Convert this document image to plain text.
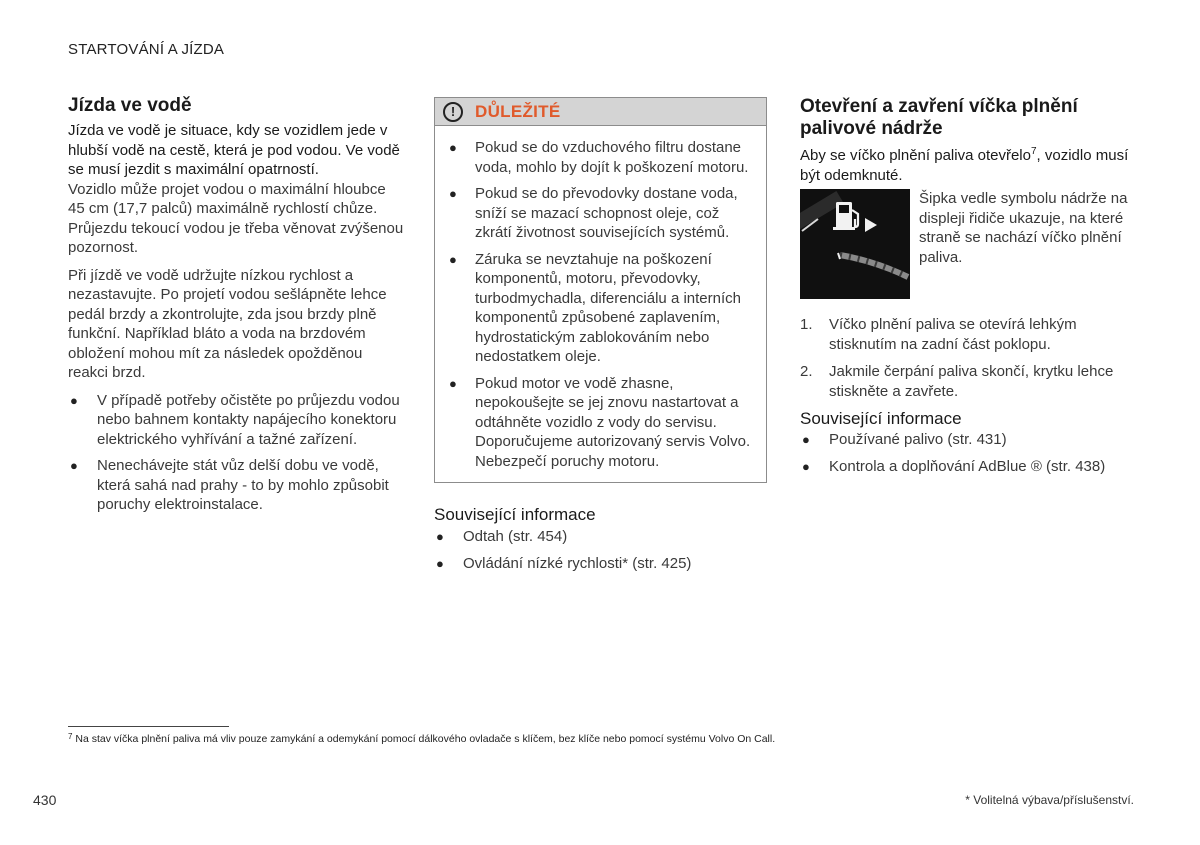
STARTOVÁNÍ A JÍZDA
Jízda ve vodě

Jízda ve vodě je situace, kdy se vozidlem jede v hlubší vodě na cestě, která je pod vodou. Ve vodě se musí jezdit s maximální opatrností.

Vozidlo může projet vodou o maximální hloubce 45 cm (17,7 palců) maximálně rychlostí chůze. Průjezdu tekoucí vodou je třeba věnovat zvýšenou pozornost.

Při jízdě ve vodě udržujte nízkou rychlost a nezastavujte. Po projetí vodou sešlápněte lehce pedál brzdy a zkontrolujte, zda jsou brzdy plně funkční. Například bláto a voda na brzdovém obložení mohou mít za následek opožděnou reakci brzd.

● V případě potřeby očistěte po průjezdu vodou nebo bahnem kontakty napájecího konektoru elektrického vyhřívání a tažné zařízení.
● Nenechávejte stát vůz delší dobu ve vodě, která sahá nad prahy - to by mohlo způsobit poruchy elektroinstalace.
!	DŮLEŽITÉ
● Pokud se do vzduchového filtru dostane voda, mohlo by dojít k poškození motoru.
● Pokud se do převodovky dostane voda, sníží se mazací schopnost oleje, což zkrátí životnost souvisejících systémů.
● Záruka se nevztahuje na poškození komponentů, motoru, převodovky, turbodmychadla, diferenciálu a interních komponentů způsobené zaplavením, hydrostatickým zablokováním nebo nedostatkem oleje.
● Pokud motor ve vodě zhasne, nepokoušejte se jej znovu nastartovat a odtáhněte vozidlo z vody do servisu. Doporučujeme autorizovaný servis Volvo. Nebezpečí poruchy motoru.
Související informace
● Odtah (str. 454)
● Ovládání nízké rychlosti* (str. 425)
Otevření a zavření víčka plnění palivové nádrže

Aby se víčko plnění paliva otevřelo$^7$, vozidlo musí být odemknuté.

Šipka vedle symbolu nádrže na displeji řidiče ukazuje, na které straně se nachází víčko plnění paliva.

1. Víčko plnění paliva se otevírá lehkým stisknutím na zadní část poklopu.
2. Jakmile čerpání paliva skončí, krytku lehce stiskněte a zavřete.
Související informace
● Používané palivo (str. 431)
● Kontrola a doplňování AdBlue ® (str. 438)
$^7$ Na stav víčka plnění paliva má vliv pouze zamykání a odemykání pomocí dálkového ovladače s klíčem, bez klíče nebo pomocí systému Volvo On Call.
430	* Volitelná výbava/příslušenství.
